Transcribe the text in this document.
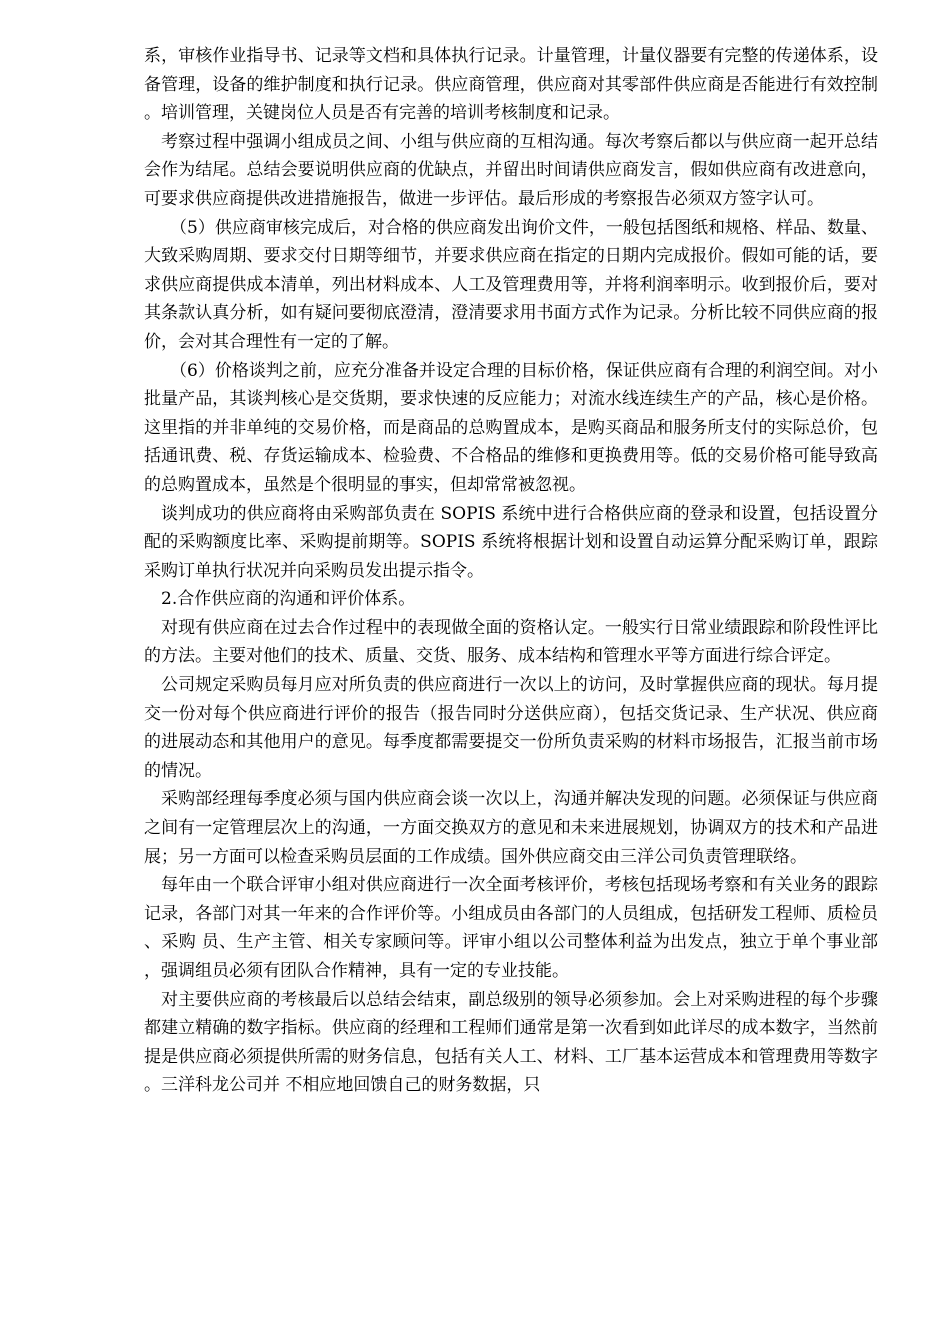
系，审核作业指导书、记录等文档和具体执行记录。计量管理，计量仪器要有完整的传递体系，设备管理，设备的维护制度和执行记录。供应商管理，供应商对其零部件供应商是否能进行有效控制。培训管理，关键岗位人员是否有完善的培训考核制度和记录。

考察过程中强调小组成员之间、小组与供应商的互相沟通。每次考察后都以与供应商一起开总结会作为结尾。总结会要说明供应商的优缺点，并留出时间请供应商发言，假如供应商有改进意向，可要求供应商提供改进措施报告，做进一步评估。最后形成的考察报告必须双方签字认可。

（5）供应商审核完成后，对合格的供应商发出询价文件，一般包括图纸和规格、样品、数量、大致采购周期、要求交付日期等细节，并要求供应商在指定的日期内完成报价。假如可能的话，要求供应商提供成本清单，列出材料成本、人工及管理费用等，并将利润率明示。收到报价后，要对其条款认真分析，如有疑问要彻底澄清，澄清要求用书面方式作为记录。分析比较不同供应商的报价，会对其合理性有一定的了解。

（6）价格谈判之前，应充分准备并设定合理的目标价格，保证供应商有合理的利润空间。对小批量产品，其谈判核心是交货期，要求快速的反应能力；对流水线连续生产的产品，核心是价格。这里指的并非单纯的交易价格，而是商品的总购置成本，是购买商品和服务所支付的实际总价，包括通讯费、税、存货运输成本、检验费、不合格品的维修和更换费用等。低的交易价格可能导致高的总购置成本，虽然是个很明显的事实，但却常常被忽视。

谈判成功的供应商将由采购部负责在 SOPIS 系统中进行合格供应商的登录和设置，包括设置分配的采购额度比率、采购提前期等。SOPIS 系统将根据计划和设置自动运算分配采购订单，跟踪采购订单执行状况并向采购员发出提示指令。

2.合作供应商的沟通和评价体系。

对现有供应商在过去合作过程中的表现做全面的资格认定。一般实行日常业绩跟踪和阶段性评比的方法。主要对他们的技术、质量、交货、服务、成本结构和管理水平等方面进行综合评定。

公司规定采购员每月应对所负责的供应商进行一次以上的访问，及时掌握供应商的现状。每月提交一份对每个供应商进行评价的报告（报告同时分送供应商），包括交货记录、生产状况、供应商的进展动态和其他用户的意见。每季度都需要提交一份所负责采购的材料市场报告，汇报当前市场的情况。

采购部经理每季度必须与国内供应商会谈一次以上，沟通并解决发现的问题。必须保证与供应商之间有一定管理层次上的沟通，一方面交换双方的意见和未来进展规划，协调双方的技术和产品进展；另一方面可以检查采购员层面的工作成绩。国外供应商交由三洋公司负责管理联络。

每年由一个联合评审小组对供应商进行一次全面考核评价，考核包括现场考察和有关业务的跟踪记录，各部门对其一年来的合作评价等。小组成员由各部门的人员组成，包括研发工程师、质检员、采购 员、生产主管、相关专家顾问等。评审小组以公司整体利益为出发点，独立于单个事业部，强调组员必须有团队合作精神，具有一定的专业技能。

对主要供应商的考核最后以总结会结束，副总级别的领导必须参加。会上对采购进程的每个步骤都建立精确的数字指标。供应商的经理和工程师们通常是第一次看到如此详尽的成本数字，当然前提是供应商必须提供所需的财务信息，包括有关人工、材料、工厂基本运营成本和管理费用等数字。三洋科龙公司并 不相应地回馈自己的财务数据，只
